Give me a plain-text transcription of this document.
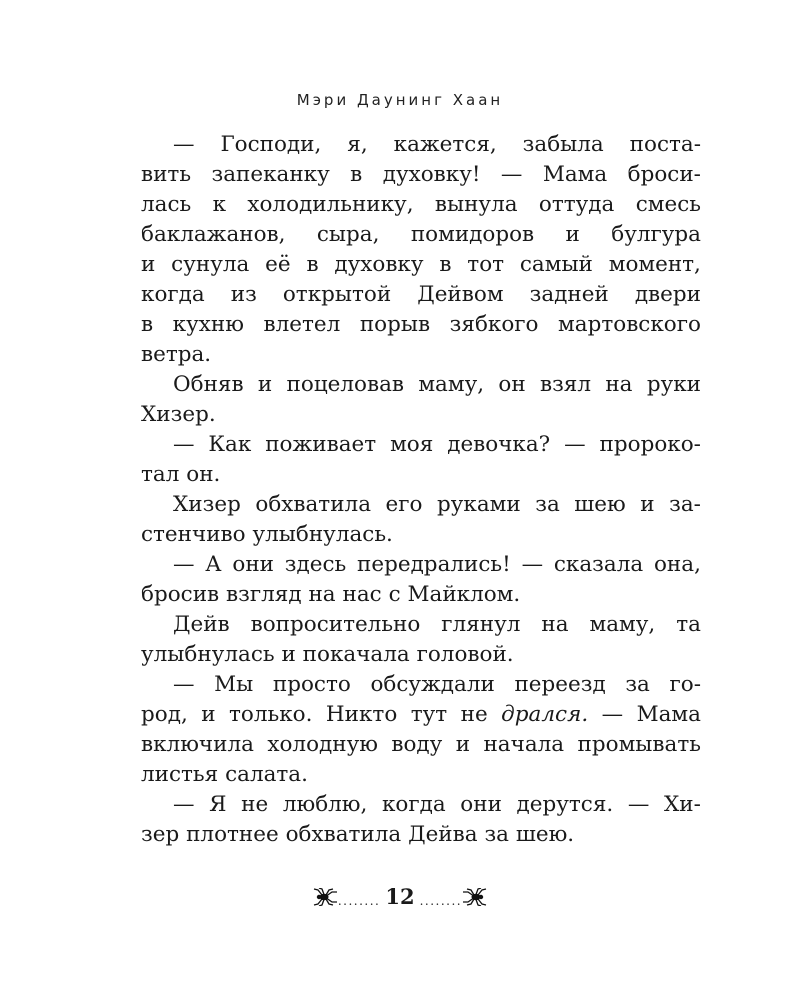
Мэри Даунинг Хаан
— Господи, я, кажется, забыла поста-
вить запеканку в духовку! — Мама броси-
лась к холодильнику, вынула оттуда смесь
баклажанов, сыра, помидоров и булгура
и сунула её в духовку в тот самый момент,
когда из открытой Дейвом задней двери
в кухню влетел порыв зябкого мартовского
ветра.
Обняв и поцеловав маму, он взял на руки
Хизер.
— Как поживает моя девочка? — пророко-
тал он.
Хизер обхватила его руками за шею и за-
стенчиво улыбнулась.
— А они здесь передрались! — сказала она,
бросив взгляд на нас с Майклом.
Дейв вопросительно глянул на маму, та
улыбнулась и покачала головой.
— Мы просто обсуждали переезд за го-
род, и только. Никто тут не дрался. — Мама
включила холодную воду и начала промывать
листья салата.
— Я не люблю, когда они дерутся. — Хи-
зер плотнее обхватила Дейва за шею.
........ 12 ........
